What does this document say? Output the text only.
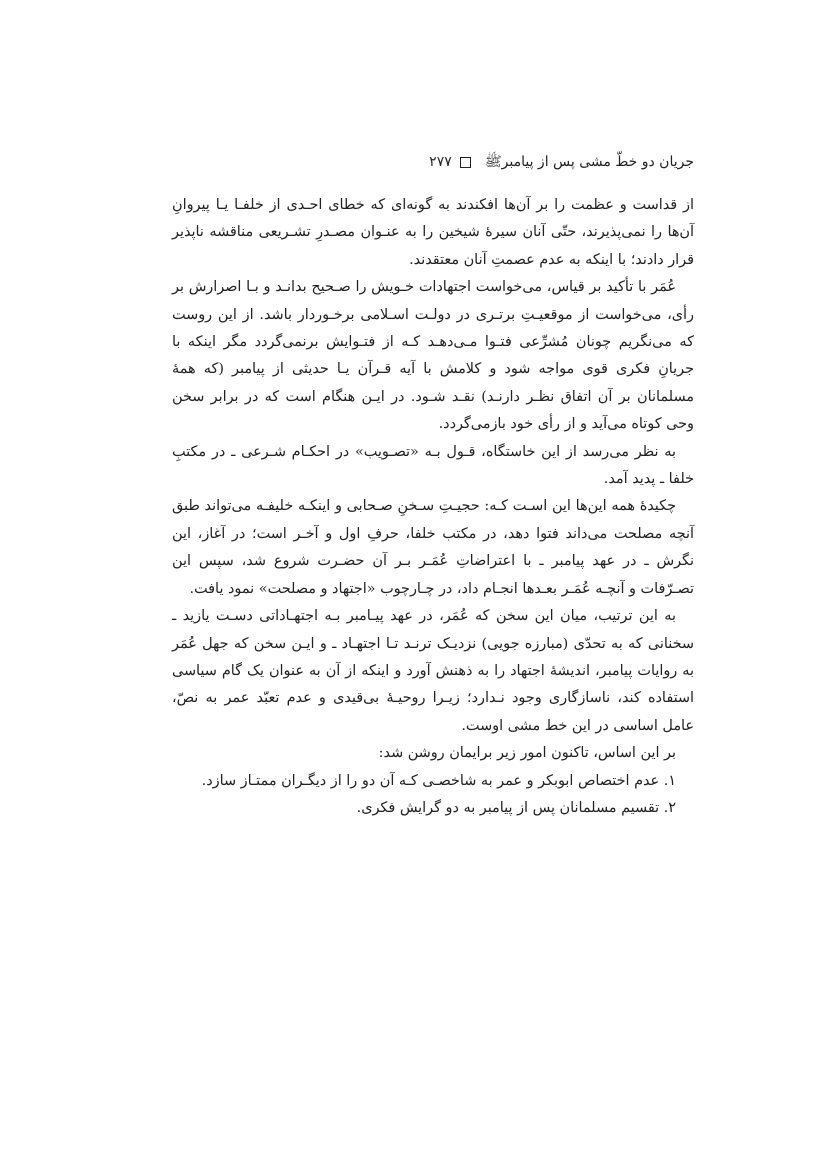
جریان دو خطّ مشی پس از پیامبرﷺ
۲۷۷

از قداست و عظمت را بر آن‌ها افکندند به گونه‌ای که خطای احـدی از خلفـا یـا پیروانِ آن‌ها را نمی‌پذیرند، حتّی آنان سیرۀ شیخین را به عنـوان مصـدرِ تشـریعی مناقشه ناپذیر قرار دادند؛ با اینکه به عدم عصمتِ آنان معتقدند.

عُمَر با تأکید بر قیاس، می‌خواست اجتهادات خـویش را صـحیح بدانـد و بـا اصرارش بر رأی، می‌خواست از موقعیـتِ برتـری در دولـت اسـلامی برخـوردار باشد. از این روست که می‌نگریم چونان مُشرِّعی فتـوا مـی‌دهـد کـه از فتـوایش برنمی‌گردد مگر اینکه با جریانِ فکری قوی مواجه شود و کلامش با آیه قـرآن یـا حدیثی از پیامبر (که همهٔ مسلمانان بر آن اتفاق نظـر دارنـد) نقـد شـود. در ایـن هنگام است که در برابر سخن وحی کوتاه می‌آید و از رأی خود بازمی‌گردد.

به نظر می‌رسد از این خاستگاه، قـول بـه «تصـویب» در احکـام شـرعی ـ در مکتبِ خلفا ـ پدید آمد.

چکیدهٔ همه این‌ها این اسـت کـه: حجیـتِ سـخنِ صـحابی و اینکـه خلیفـه می‌تواند طبق آنچه مصلحت می‌داند فتوا دهد، در مکتب خلفا، حرفِ اول و آخـر است؛ در آغاز، این نگرش ـ در عهد پیامبر ـ با اعتراضاتِ عُمَـر بـر آن حضـرت شروع شد، سپس این تصـرّفات و آنچـه عُمَـر بعـدها انجـام داد، در چـارچوب «اجتهاد و مصلحت» نمود یافت.

به این ترتیب، میان این سخن که عُمَر، در عهد پیـامبر بـه اجتهـاداتی دسـت یازید ـ سخنانی که به تحدّی (مبارزه جویی) نزدیـک ترنـد تـا اجتهـاد ـ و ایـن سخن که جهل عُمَر به روایات پیامبر، اندیشهٔ اجتهاد را به ذهنش آورد و اینکه از آن به عنوان یک گام سیاسی استفاده کند، ناسازگاری وجود نـدارد؛ زیـرا روحیـهٔ بی‌قیدی و عدم تعبّد عمر به نصّ، عامل اساسی در این خط مشی اوست.

بر این اساس، تاکنون امور زیر برایمان روشن شد:

۱. عدم اختصاص ابوبکر و عمر به شاخصـی کـه آن دو را از دیگـران ممتـاز سازد.

۲. تقسیم مسلمانان پس از پیامبر به دو گرایش فکری.
